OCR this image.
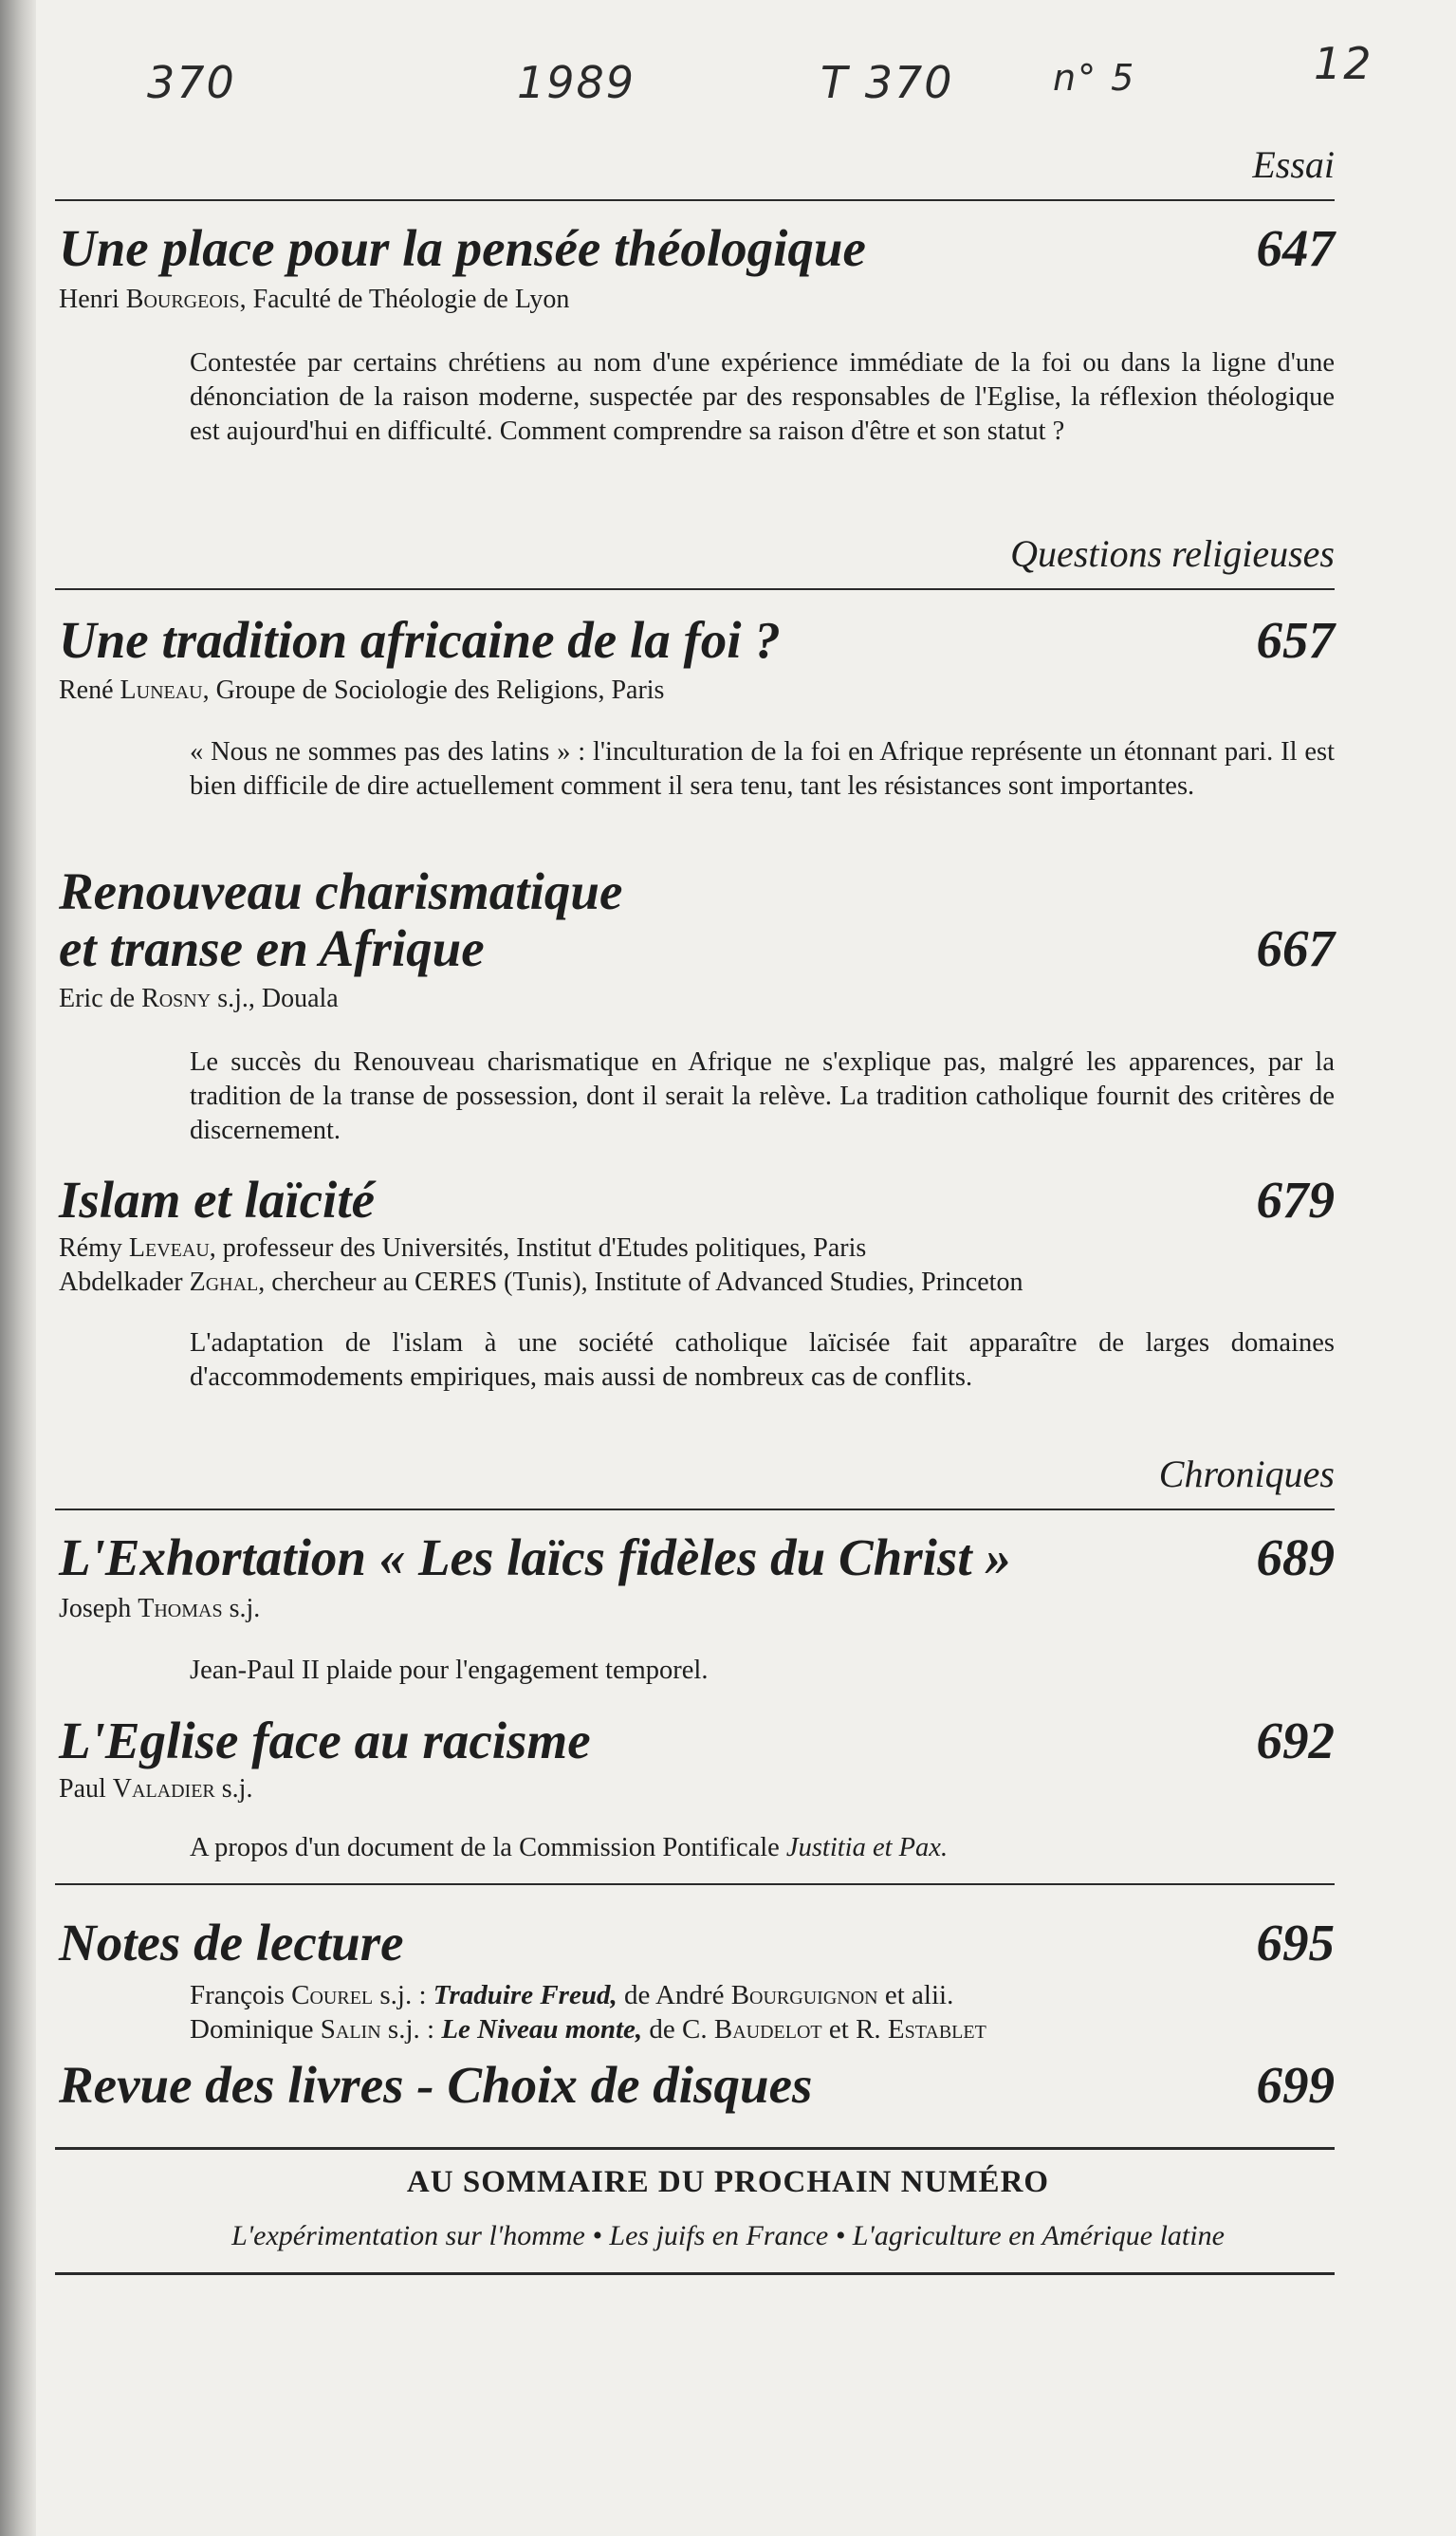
370	1989	T 370	n° 5	12
Essai
Une place pour la pensée théologique	647
Henri Bourgeois, Faculté de Théologie de Lyon
Contestée par certains chrétiens au nom d'une expérience immédiate de la foi ou dans la ligne d'une dénonciation de la raison moderne, suspectée par des responsables de l'Eglise, la réflexion théologique est aujourd'hui en difficulté. Comment comprendre sa raison d'être et son statut ?
Questions religieuses
Une tradition africaine de la foi ?	657
René Luneau, Groupe de Sociologie des Religions, Paris
« Nous ne sommes pas des latins » : l'inculturation de la foi en Afrique représente un étonnant pari. Il est bien difficile de dire actuellement comment il sera tenu, tant les résistances sont importantes.
Renouveau charismatique
et transe en Afrique	667
Eric de Rosny s.j., Douala
Le succès du Renouveau charismatique en Afrique ne s'explique pas, malgré les apparences, par la tradition de la transe de possession, dont il serait la relève. La tradition catholique fournit des critères de discernement.
Islam et laïcité	679
Rémy Leveau, professeur des Universités, Institut d'Etudes politiques, Paris
Abdelkader Zghal, chercheur au CERES (Tunis), Institute of Advanced Studies, Princeton
L'adaptation de l'islam à une société catholique laïcisée fait apparaître de larges domaines d'accommodements empiriques, mais aussi de nombreux cas de conflits.
Chroniques
L'Exhortation « Les laïcs fidèles du Christ »	689
Joseph Thomas s.j.
Jean-Paul II plaide pour l'engagement temporel.
L'Eglise face au racisme	692
Paul Valadier s.j.
A propos d'un document de la Commission Pontificale Justitia et Pax.
Notes de lecture	695
François Courel s.j. : Traduire Freud, de André Bourguignon et alii.
Dominique Salin s.j. : Le Niveau monte, de C. Baudelot et R. Establet
Revue des livres - Choix de disques	699
AU SOMMAIRE DU PROCHAIN NUMÉRO
L'expérimentation sur l'homme • Les juifs en France • L'agriculture en Amérique latine
